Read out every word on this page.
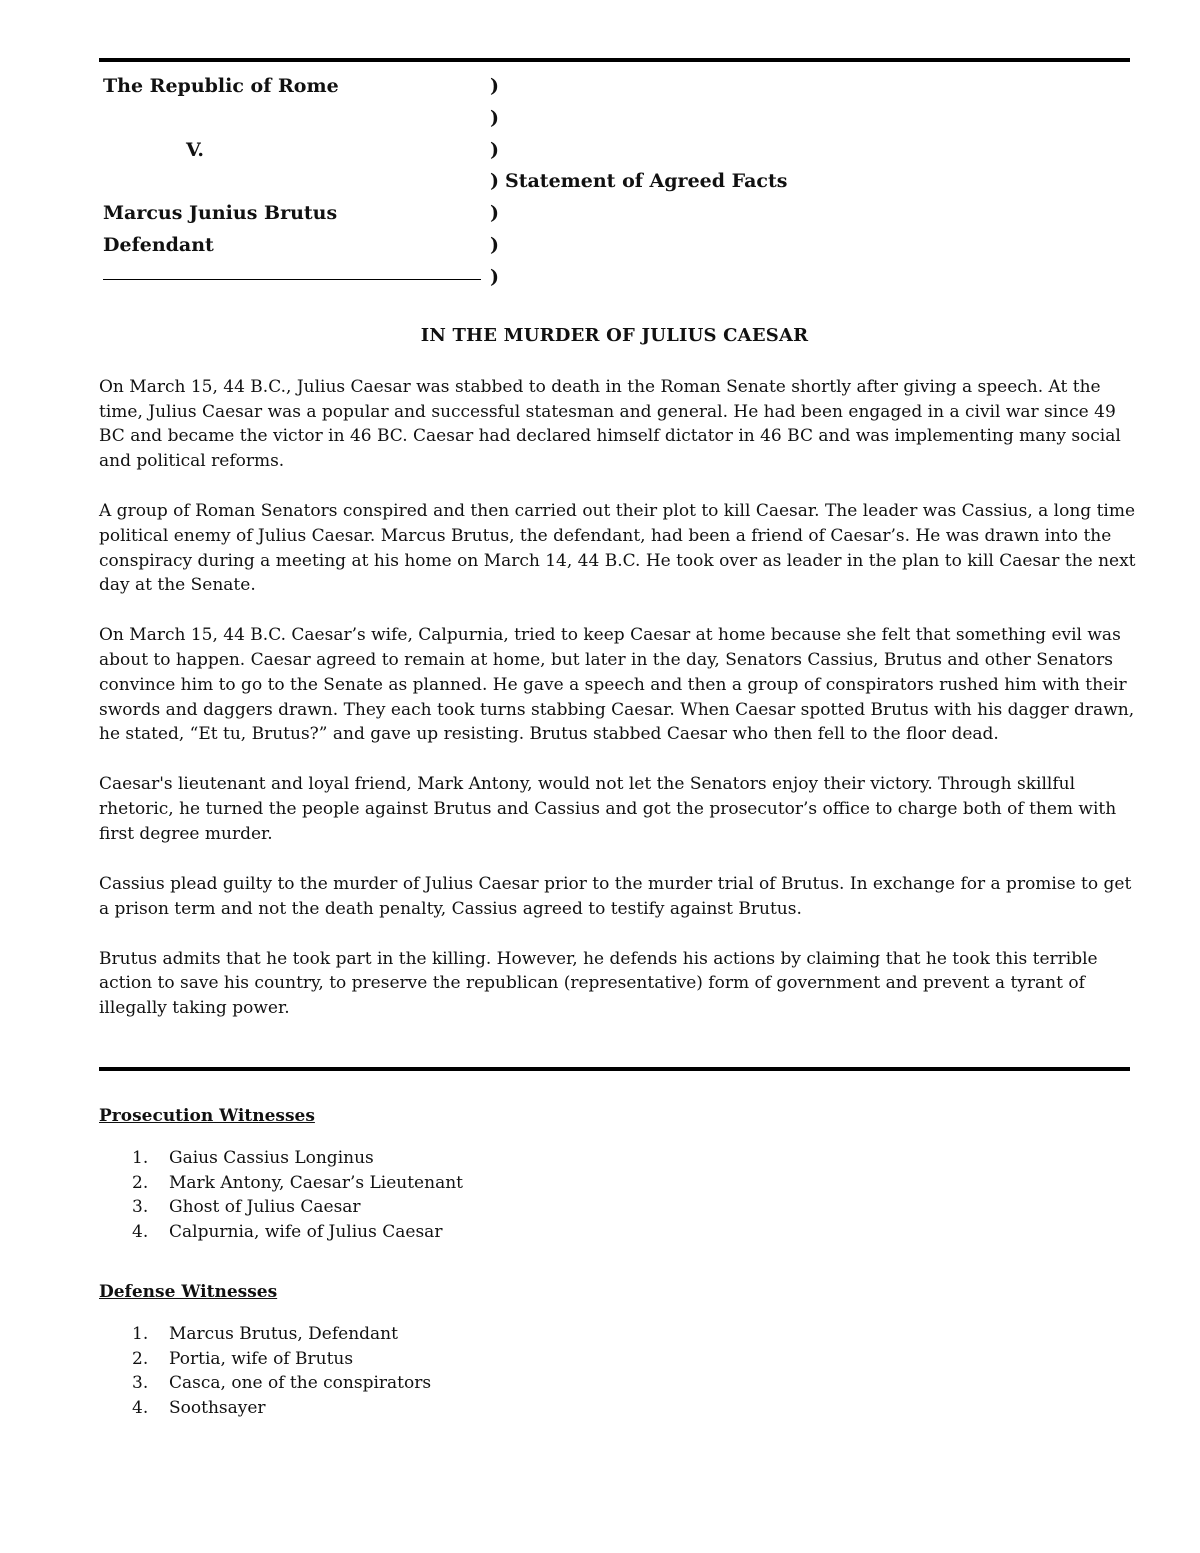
The Republic of Rome	)
)
V.	)
) Statement of Agreed Facts
Marcus Junius Brutus	)
Defendant	)
)
IN THE MURDER OF JULIUS CAESAR

On March 15, 44 B.C., Julius Caesar was stabbed to death in the Roman Senate shortly after giving a speech. At the time, Julius Caesar was a popular and successful statesman and general. He had been engaged in a civil war since 49 BC and became the victor in 46 BC. Caesar had declared himself dictator in 46 BC and was implementing many social and political reforms.

A group of Roman Senators conspired and then carried out their plot to kill Caesar. The leader was Cassius, a long time political enemy of Julius Caesar. Marcus Brutus, the defendant, had been a friend of Caesar’s. He was drawn into the conspiracy during a meeting at his home on March 14, 44 B.C. He took over as leader in the plan to kill Caesar the next day at the Senate.

On March 15, 44 B.C. Caesar’s wife, Calpurnia, tried to keep Caesar at home because she felt that something evil was about to happen. Caesar agreed to remain at home, but later in the day, Senators Cassius, Brutus and other Senators convince him to go to the Senate as planned. He gave a speech and then a group of conspirators rushed him with their swords and daggers drawn. They each took turns stabbing Caesar. When Caesar spotted Brutus with his dagger drawn, he stated, “Et tu, Brutus?” and gave up resisting. Brutus stabbed Caesar who then fell to the floor dead.

Caesar's lieutenant and loyal friend, Mark Antony, would not let the Senators enjoy their victory. Through skillful rhetoric, he turned the people against Brutus and Cassius and got the prosecutor’s office to charge both of them with first degree murder.

Cassius plead guilty to the murder of Julius Caesar prior to the murder trial of Brutus. In exchange for a promise to get a prison term and not the death penalty, Cassius agreed to testify against Brutus.

Brutus admits that he took part in the killing. However, he defends his actions by claiming that he took this terrible action to save his country, to preserve the republican (representative) form of government and prevent a tyrant of illegally taking power.

Prosecution Witnesses
1. Gaius Cassius Longinus
2. Mark Antony, Caesar’s Lieutenant
3. Ghost of Julius Caesar
4. Calpurnia, wife of Julius Caesar
Defense Witnesses
1. Marcus Brutus, Defendant
2. Portia, wife of Brutus
3. Casca, one of the conspirators
4. Soothsayer
